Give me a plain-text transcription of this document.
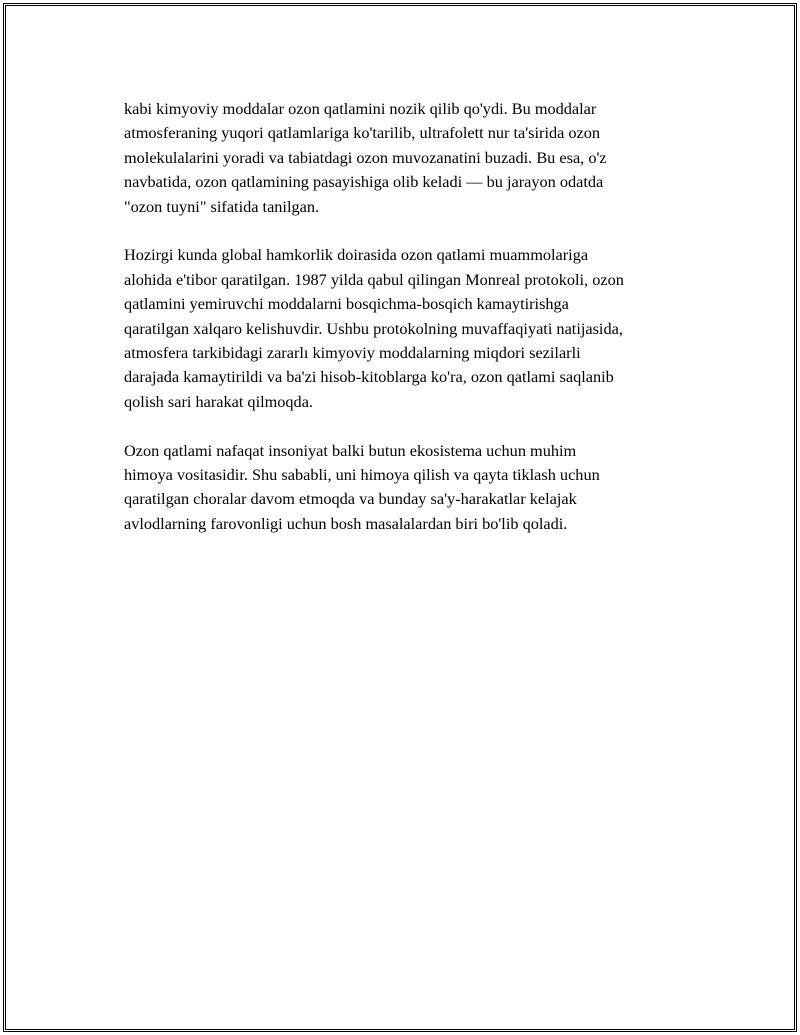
kabi kimyoviy moddalar ozon qatlamini nozik qilib qo'ydi. Bu moddalar
atmosferaning yuqori qatlamlariga ko'tarilib, ultrafolett nur ta'sirida ozon
molekulalarini yoradi va tabiatdagi ozon muvozanatini buzadi. Bu esa, o'z
navbatida, ozon qatlamining pasayishiga olib keladi — bu jarayon odatda
"ozon tuyni" sifatida tanilgan.

Hozirgi kunda global hamkorlik doirasida ozon qatlami muammolariga
alohida e'tibor qaratilgan. 1987 yilda qabul qilingan Monreal protokoli, ozon
qatlamini yemiruvchi moddalarni bosqichma-bosqich kamaytirishga
qaratilgan xalqaro kelishuvdir. Ushbu protokolning muvaffaqiyati natijasida,
atmosfera tarkibidagi zararlı kimyoviy moddalarning miqdori sezilarli
darajada kamaytirildi va ba'zi hisob-kitoblarga ko'ra, ozon qatlami saqlanib
qolish sari harakat qilmoqda.

Ozon qatlami nafaqat insoniyat balki butun ekosistema uchun muhim
himoya vositasidir. Shu sababli, uni himoya qilish va qayta tiklash uchun
qaratilgan choralar davom etmoqda va bunday sa'y-harakatlar kelajak
avlodlarning farovonligi uchun bosh masalalardan biri bo'lib qoladi.
